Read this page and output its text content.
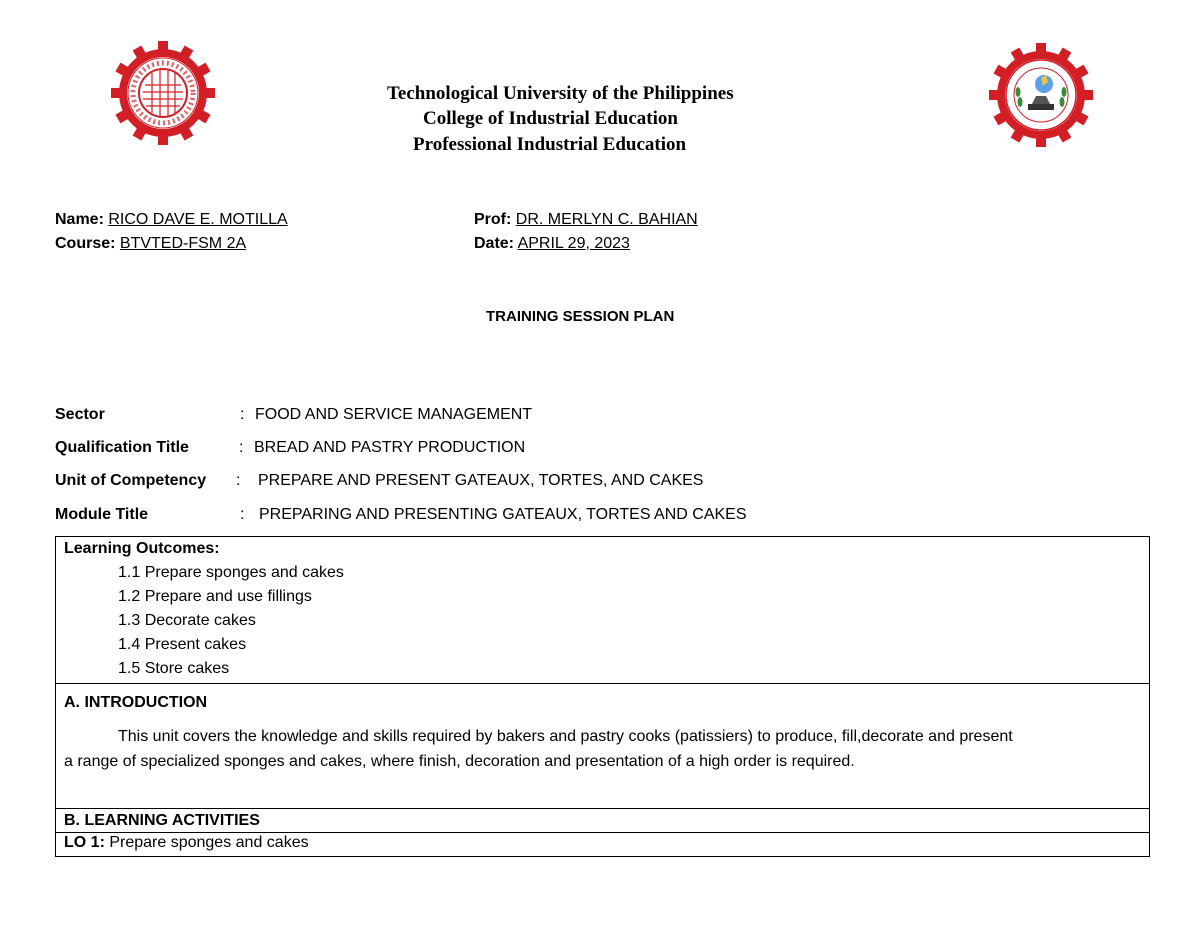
Technological University of the Philippines
College of Industrial Education
Professional Industrial Education
Name: RICO DAVE E. MOTILLA
Course: BTVTED-FSM 2A
Prof: DR. MERLYN C. BAHIAN
Date: APRIL 29, 2023
TRAINING SESSION PLAN
Sector	: FOOD AND SERVICE MANAGEMENT
Qualification Title	: BREAD AND PASTRY PRODUCTION
Unit of Competency : PREPARE AND PRESENT GATEAUX, TORTES, AND CAKES
Module Title	: PREPARING AND PRESENTING GATEAUX, TORTES AND CAKES
Learning Outcomes:
1.1 Prepare sponges and cakes
1.2 Prepare and use fillings
1.3 Decorate cakes
1.4 Present cakes
1.5 Store cakes
A. INTRODUCTION
This unit covers the knowledge and skills required by bakers and pastry cooks (patissiers) to produce, fill,decorate and present
a range of specialized sponges and cakes, where finish, decoration and presentation of a high order is required.
B. LEARNING ACTIVITIES
LO 1: Prepare sponges and cakes
